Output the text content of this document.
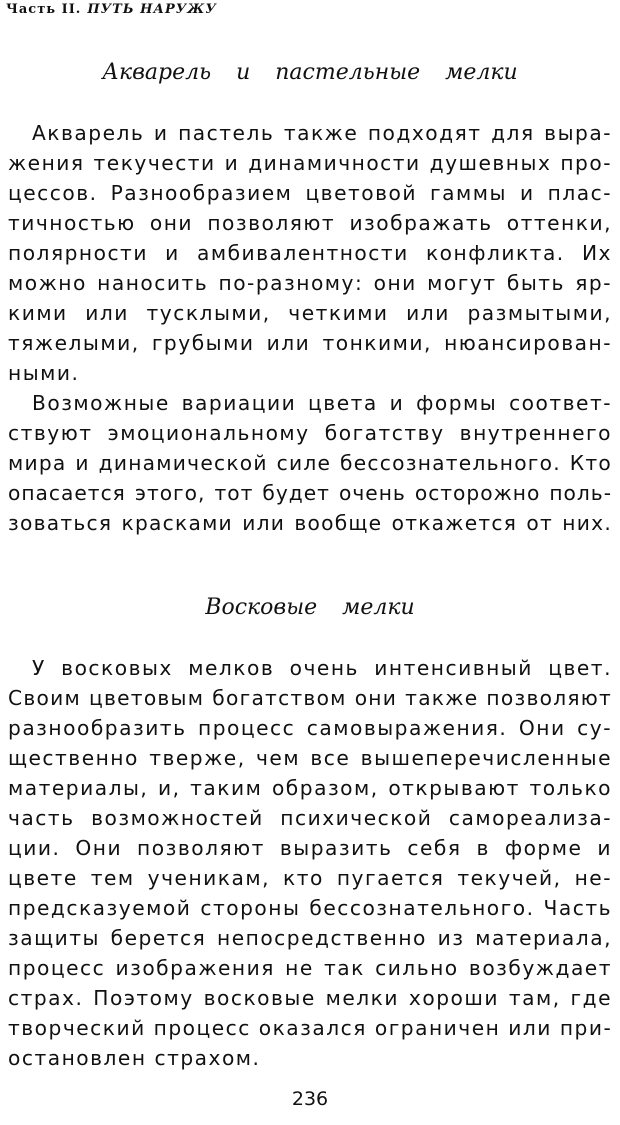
Часть II. ПУТЬ НАРУЖУ
Акварель и пастельные мелки
Акварель и пастель также подходят для выра-
жения текучести и динамичности душевных про-
цессов. Разнообразием цветовой гаммы и плас-
тичностью они позволяют изображать оттенки,
полярности и амбивалентности конфликта. Их
можно наносить по-разному: они могут быть яр-
кими или тусклыми, четкими или размытыми,
тяжелыми, грубыми или тонкими, нюансирован-
ными.
Возможные вариации цвета и формы соответ-
ствуют эмоциональному богатству внутреннего
мира и динамической силе бессознательного. Кто
опасается этого, тот будет очень осторожно поль-
зоваться красками или вообще откажется от них.
Восковые мелки
У восковых мелков очень интенсивный цвет.
Своим цветовым богатством они также позволяют
разнообразить процесс самовыражения. Они су-
щественно тверже, чем все вышеперечисленные
материалы, и, таким образом, открывают только
часть возможностей психической самореализа-
ции. Они позволяют выразить себя в форме и
цвете тем ученикам, кто пугается текучей, не-
предсказуемой стороны бессознательного. Часть
защиты берется непосредственно из материала,
процесс изображения не так сильно возбуждает
страх. Поэтому восковые мелки хороши там, где
творческий процесс оказался ограничен или при-
остановлен страхом.
236
